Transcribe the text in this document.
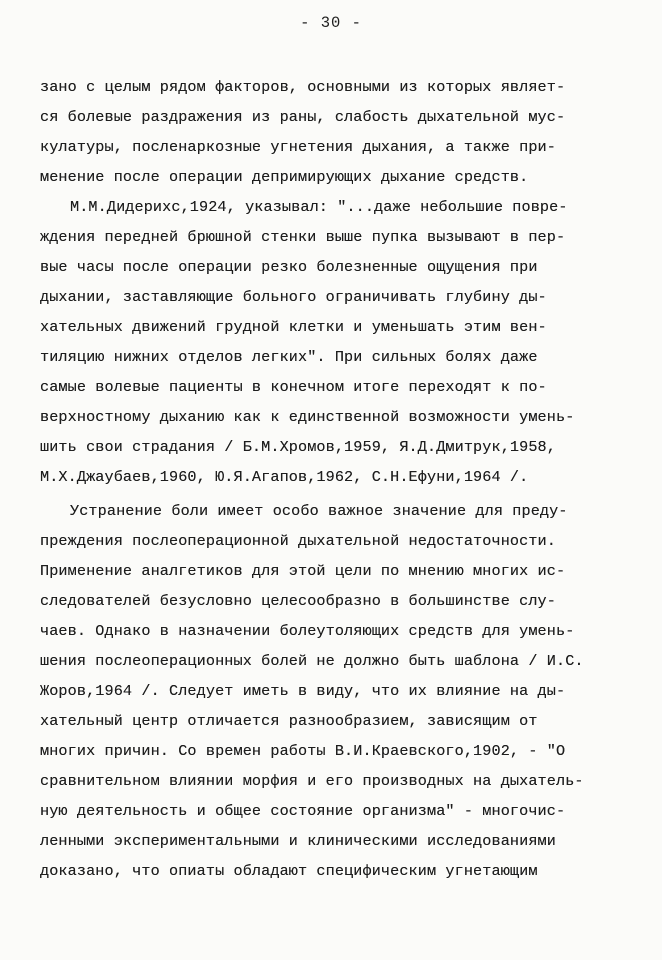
- 30 -
зано с целым рядом факторов, основными из которых являет-
ся болевые раздражения из раны, слабость дыхательной мус-
кулатуры, посленаркозные угнетения дыхания, а также при-
менение после операции депримирующих дыхание средств.
М.М.Дидерихс,1924, указывал: "...даже небольшие повре-
ждения передней брюшной стенки выше пупка вызывают в пер-
вые часы после операции резко болезненные ощущения при
дыхании, заставляющие больного ограничивать глубину ды-
хательных движений грудной клетки и уменьшать этим вен-
тиляцию нижних отделов легких". При сильных болях даже
самые волевые пациенты в конечном итоге переходят к по-
верхностному дыханию как к единственной возможности умень-
шить свои страдания / Б.М.Хромов,1959, Я.Д.Дмитрук,1958,
М.Х.Джаубаев,1960, Ю.Я.Агапов,1962, С.Н.Ефуни,1964 /.
Устранение боли имеет особо важное значение для преду-
преждения послеоперационной дыхательной недостаточности.
Применение аналгетиков для этой цели по мнению многих ис-
следователей безусловно целесообразно в большинстве слу-
чаев. Однако в назначении болеутоляющих средств для умень-
шения послеоперационных болей не должно быть шаблона / И.С.
Жоров,1964 /. Следует иметь в виду, что их влияние на ды-
хательный центр отличается разнообразием, зависящим от
многих причин. Со времен работы В.И.Краевского,1902, - "О
сравнительном влиянии морфия и его производных на дыхатель-
ную деятельность и общее состояние организма" - многочис-
ленными экспериментальными и клиническими исследованиями
доказано, что опиаты обладают специфическим угнетающим
